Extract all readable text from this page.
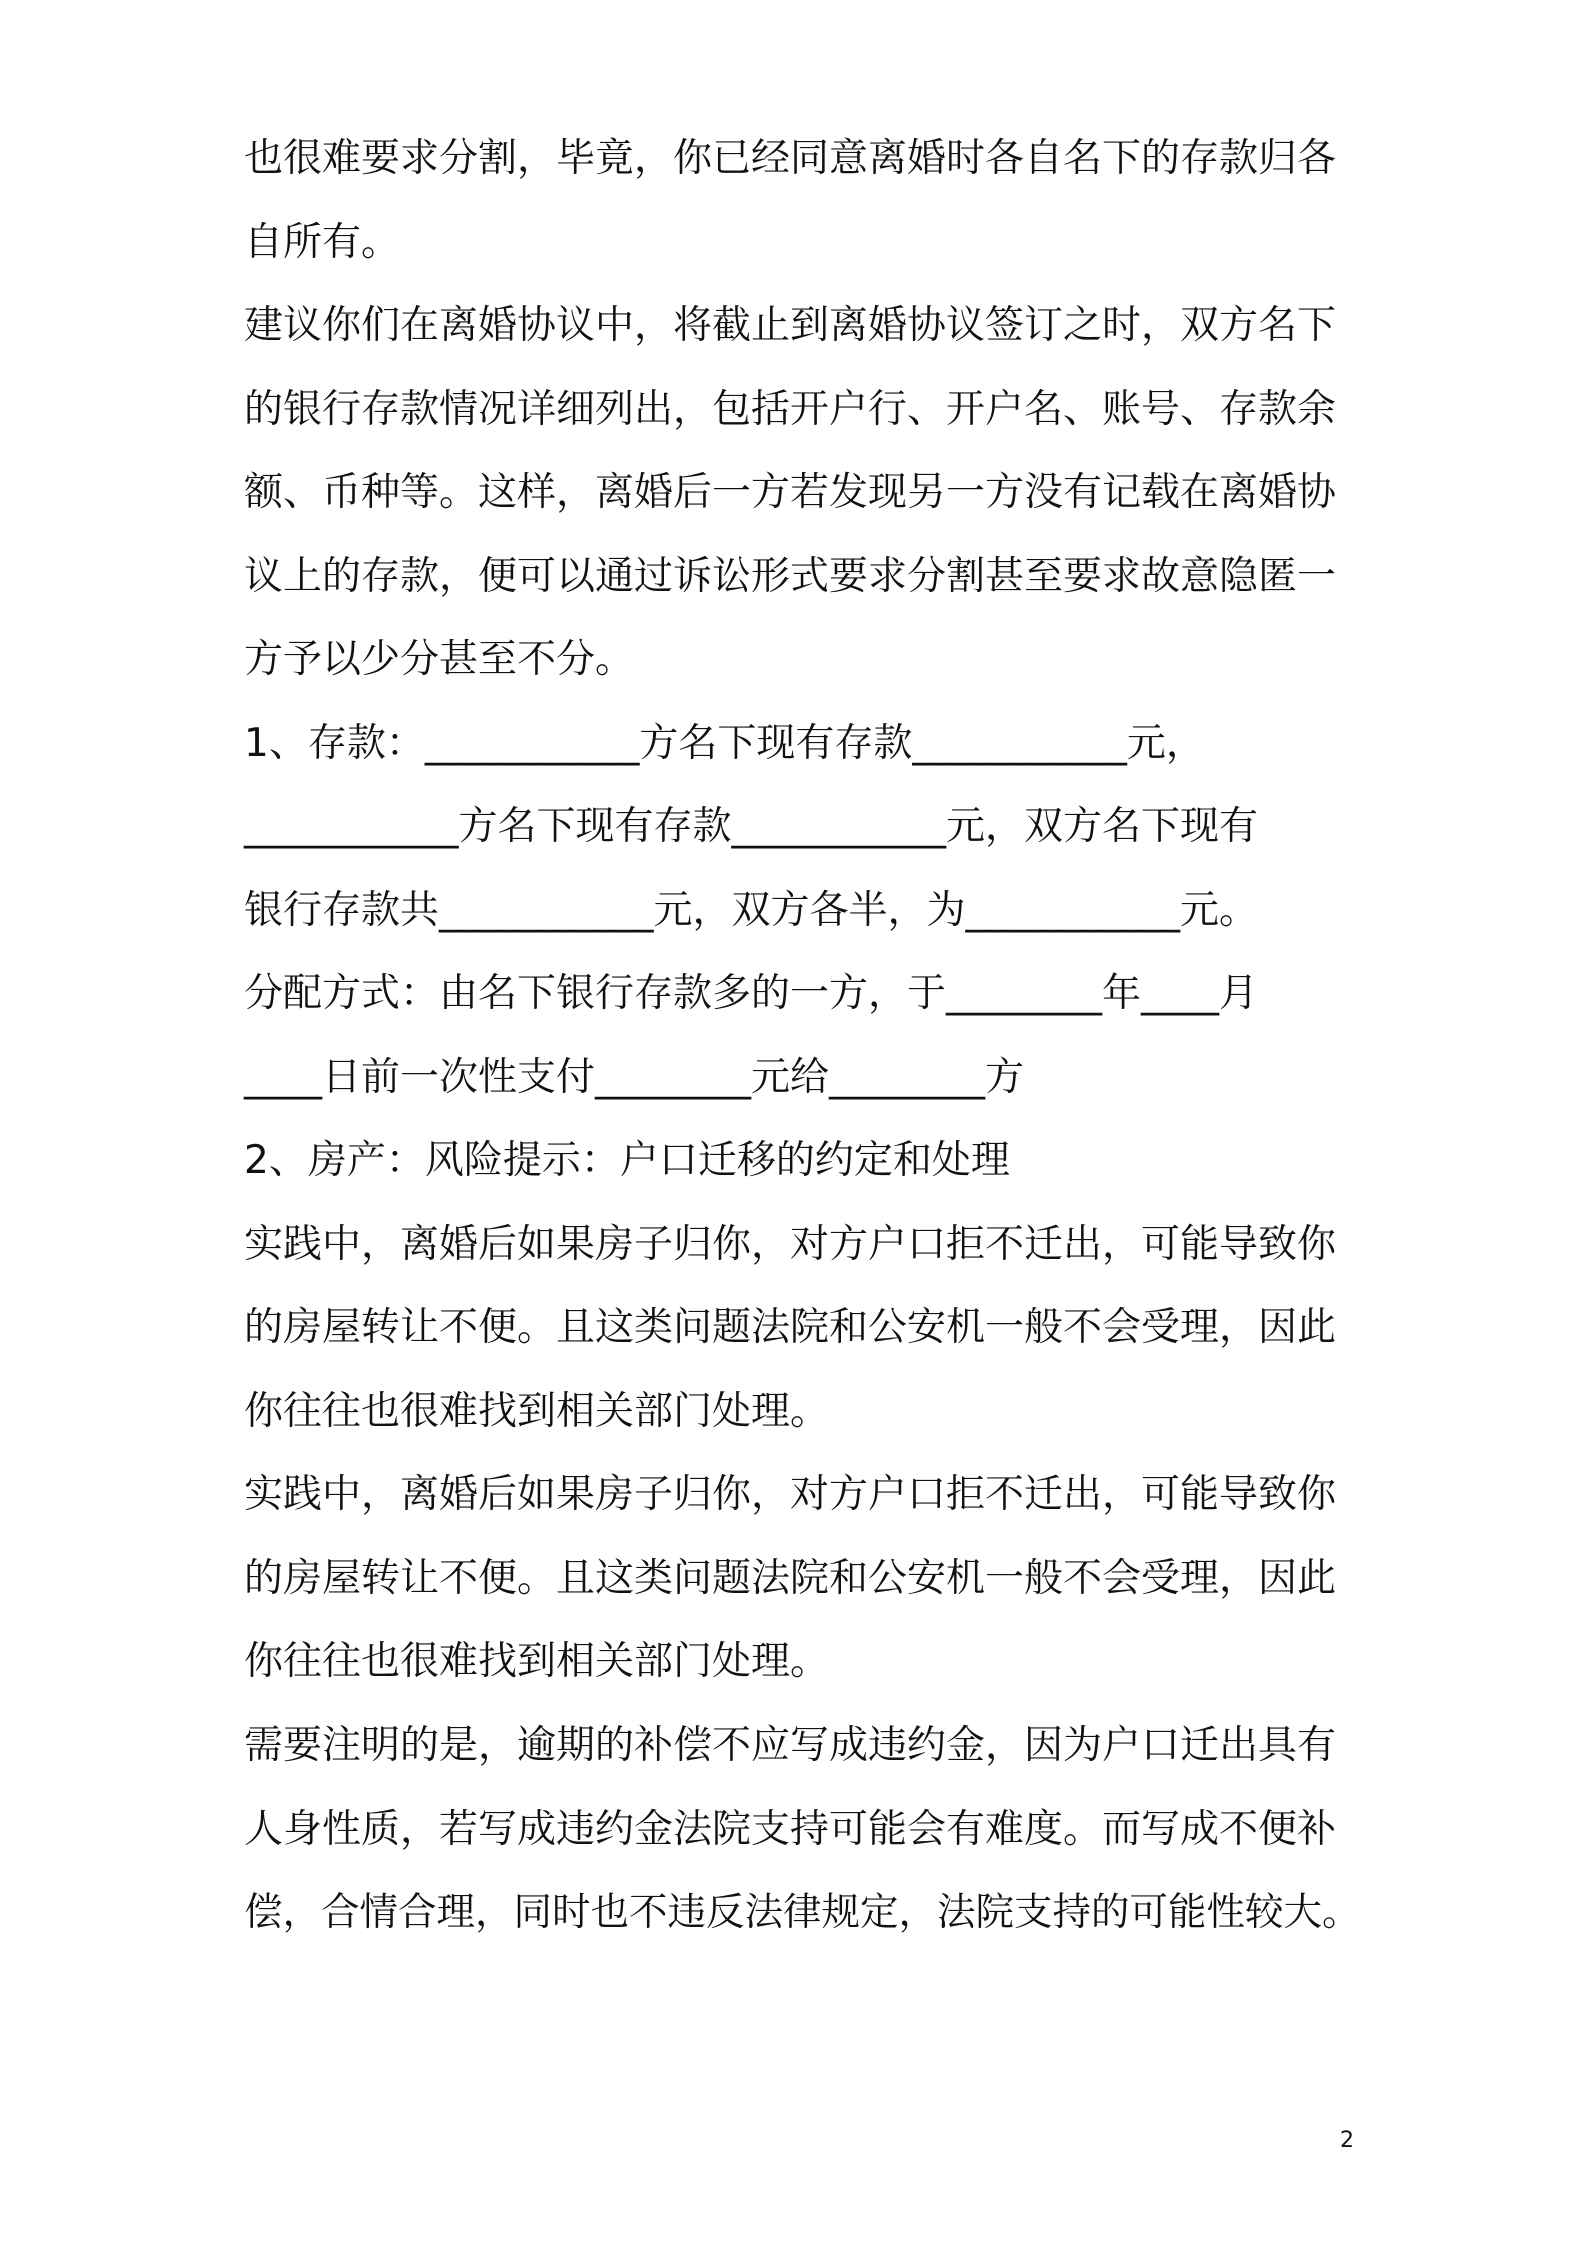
也很难要求分割，毕竟，你已经同意离婚时各自名下的存款归各
自所有。
建议你们在离婚协议中，将截止到离婚协议签订之时，双方名下
的银行存款情况详细列出，包括开户行、开户名、账号、存款余
额、币种等。这样，离婚后一方若发现另一方没有记载在离婚协
议上的存款，便可以通过诉讼形式要求分割甚至要求故意隐匿一
方予以少分甚至不分。
1、存款：___________方名下现有存款___________元，
___________方名下现有存款___________元，双方名下现有
银行存款共___________元，双方各半，为___________元。
分配方式：由名下银行存款多的一方，于________年____月
____日前一次性支付________元给________方
2、房产：风险提示：户口迁移的约定和处理
实践中，离婚后如果房子归你，对方户口拒不迁出，可能导致你
的房屋转让不便。且这类问题法院和公安机一般不会受理，因此
你往往也很难找到相关部门处理。
实践中，离婚后如果房子归你，对方户口拒不迁出，可能导致你
的房屋转让不便。且这类问题法院和公安机一般不会受理，因此
你往往也很难找到相关部门处理。
需要注明的是，逾期的补偿不应写成违约金，因为户口迁出具有
人身性质，若写成违约金法院支持可能会有难度。而写成不便补
偿，合情合理，同时也不违反法律规定，法院支持的可能性较大。
2
